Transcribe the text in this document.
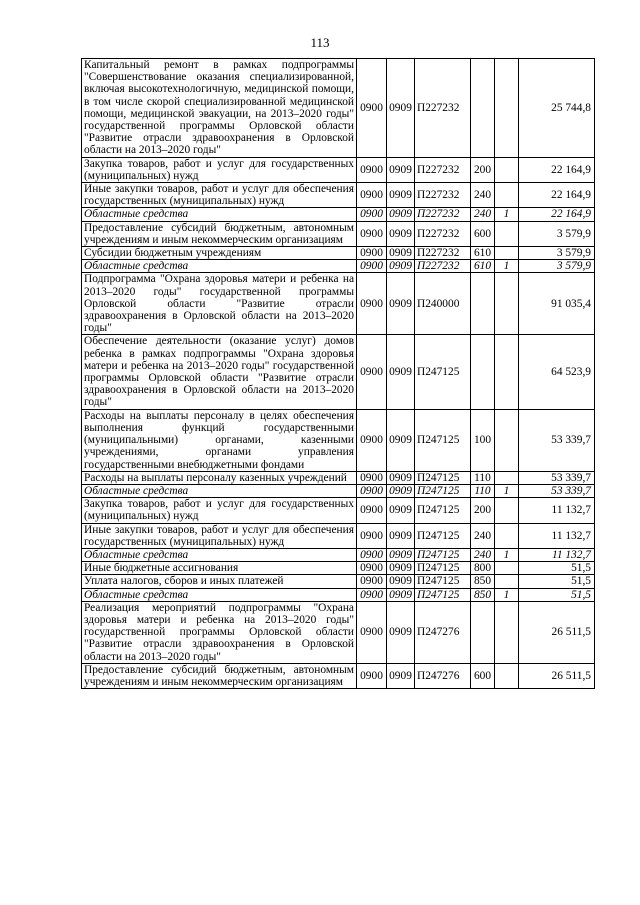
113
Капитальный ремонт в рамках подпрограммы "Совершенствование оказания специализированной, включая высокотехнологичную, медицинской помощи, в том числе скорой специализированной медицинской помощи, медицинской эвакуации, на 2013–2020 годы" государственной программы Орловской области "Развитие отрасли здравоохранения в Орловской области на 2013–2020 годы"	0900	0909	П227232			25 744,8
Закупка товаров, работ и услуг для государственных (муниципальных) нужд	0900	0909	П227232	200		22 164,9
Иные закупки товаров, работ и услуг для обеспечения государственных (муниципальных) нужд	0900	0909	П227232	240		22 164,9
Областные средства	0900	0909	П227232	240	1	22 164,9
Предоставление субсидий бюджетным, автономным учреждениям и иным некоммерческим организациям	0900	0909	П227232	600		3 579,9
Субсидии бюджетным учреждениям	0900	0909	П227232	610		3 579,9
Областные средства	0900	0909	П227232	610	1	3 579,9
Подпрограмма "Охрана здоровья матери и ребенка на 2013–2020 годы" государственной программы Орловской области "Развитие отрасли здравоохранения в Орловской области на 2013–2020 годы"	0900	0909	П240000			91 035,4
Обеспечение деятельности (оказание услуг) домов ребенка в рамках подпрограммы "Охрана здоровья матери и ребенка на 2013–2020 годы" государственной программы Орловской области "Развитие отрасли здравоохранения в Орловской области на 2013–2020 годы"	0900	0909	П247125			64 523,9
Расходы на выплаты персоналу в целях обеспечения выполнения функций государственными (муниципальными) органами, казенными учреждениями, органами управления государственными внебюджетными фондами	0900	0909	П247125	100		53 339,7
Расходы на выплаты персоналу казенных учреждений	0900	0909	П247125	110		53 339,7
Областные средства	0900	0909	П247125	110	1	53 339,7
Закупка товаров, работ и услуг для государственных (муниципальных) нужд	0900	0909	П247125	200		11 132,7
Иные закупки товаров, работ и услуг для обеспечения государственных (муниципальных) нужд	0900	0909	П247125	240		11 132,7
Областные средства	0900	0909	П247125	240	1	11 132,7
Иные бюджетные ассигнования	0900	0909	П247125	800		51,5
Уплата налогов, сборов и иных платежей	0900	0909	П247125	850		51,5
Областные средства	0900	0909	П247125	850	1	51,5
Реализация мероприятий подпрограммы "Охрана здоровья матери и ребенка на 2013–2020 годы" государственной программы Орловской области "Развитие отрасли здравоохранения в Орловской области на 2013–2020 годы"	0900	0909	П247276			26 511,5
Предоставление субсидий бюджетным, автономным учреждениям и иным некоммерческим организациям	0900	0909	П247276	600		26 511,5
